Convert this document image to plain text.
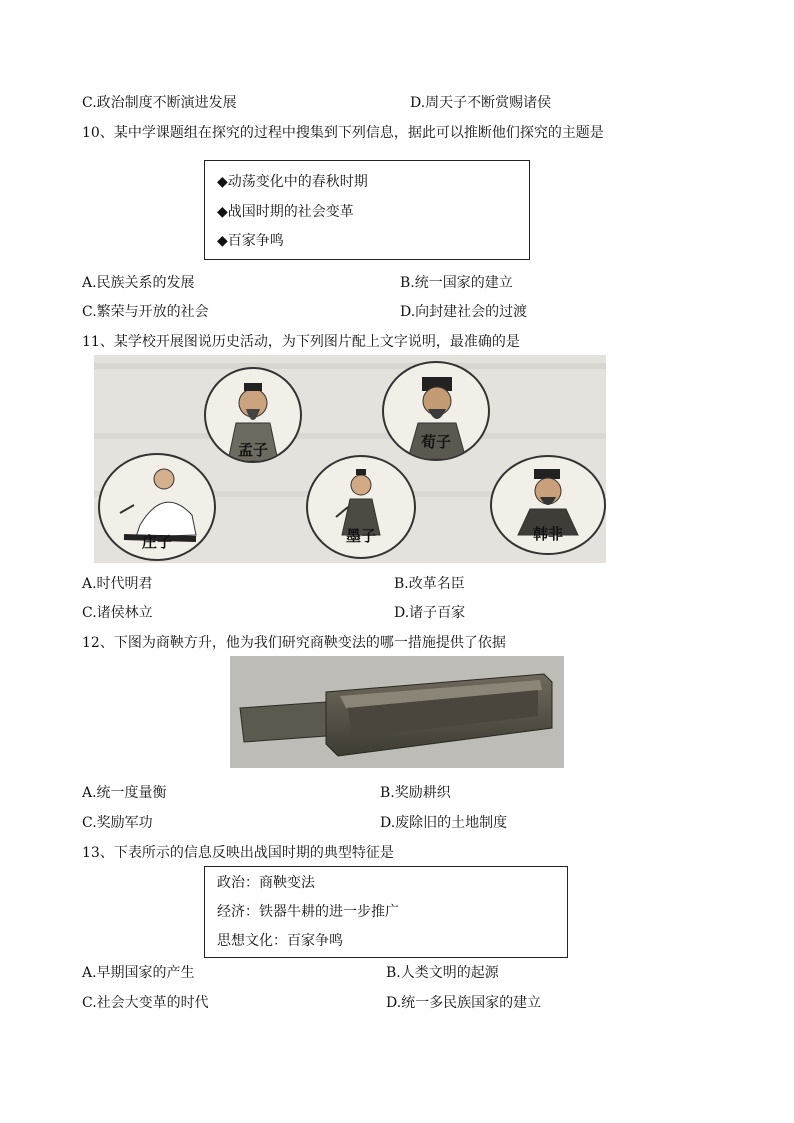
C.政治制度不断演进发展	D.周天子不断赏赐诸侯
10、某中学课题组在探究的过程中搜集到下列信息，据此可以推断他们探究的主题是
◆动荡变化中的春秋时期
◆战国时期的社会变革
◆百家争鸣
A.民族关系的发展	B.统一国家的建立
C.繁荣与开放的社会	D.向封建社会的过渡
11、某学校开展图说历史活动，为下列图片配上文字说明，最准确的是
孟子	荀子
庄子	墨子	韩非
A.时代明君	B.改革名臣
C.诸侯林立	D.诸子百家
12、下图为商鞅方升，他为我们研究商鞅变法的哪一措施提供了依据
A.统一度量衡	B.奖励耕织
C.奖励军功	D.废除旧的土地制度
13、下表所示的信息反映出战国时期的典型特征是
政治：商鞅变法
经济：铁器牛耕的进一步推广
思想文化：百家争鸣
A.早期国家的产生	B.人类文明的起源
C.社会大变革的时代	D.统一多民族国家的建立
